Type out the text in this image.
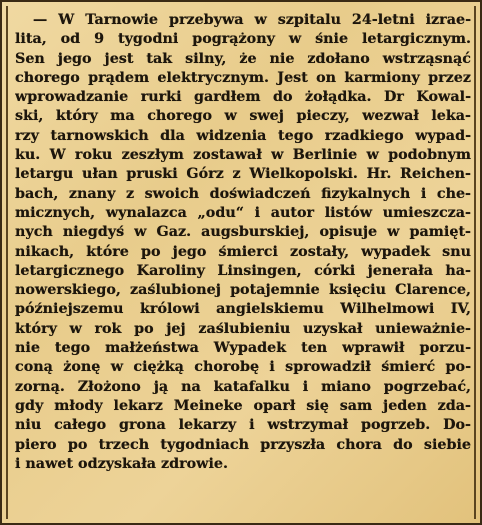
— W Tarnowie przebywa w szpitalu 24-letni izrae-
lita, od 9 tygodni pogrążony w śnie letargicznym.
Sen jego jest tak silny, że nie zdołano wstrząsnąć
chorego prądem elektrycznym. Jest on karmiony przez
wprowadzanie rurki gardłem do żołądka. Dr Kowal-
ski, który ma chorego w swej pieczy, wezwał leka-
rzy tarnowskich dla widzenia tego rzadkiego wypad-
ku. W roku zeszłym zostawał w Berlinie w podobnym
letargu ułan pruski Górz z Wielkopolski. Hr. Reichen-
bach, znany z swoich doświadczeń fizykalnych i che-
micznych, wynalazca „odu“ i autor listów umieszcza-
nych niegdyś w Gaz. augsburskiej, opisuje w pamięt-
nikach, które po jego śmierci zostały, wypadek snu
letargicznego Karoliny Linsingen, córki jenerała ha-
nowerskiego, zaślubionej potajemnie księciu Clarence,
późniejszemu królowi angielskiemu Wilhelmowi IV,
który w rok po jej zaślubieniu uzyskał unieważnie-
nie tego małżeństwa Wypadek ten wprawił porzu-
coną żonę w ciężką chorobę i sprowadził śmierć po-
zorną. Złożono ją na katafalku i miano pogrzebać,
gdy młody lekarz Meineke oparł się sam jeden zda-
niu całego grona lekarzy i wstrzymał pogrzeb. Do-
piero po trzech tygodniach przyszła chora do siebie
i nawet odzyskała zdrowie.
